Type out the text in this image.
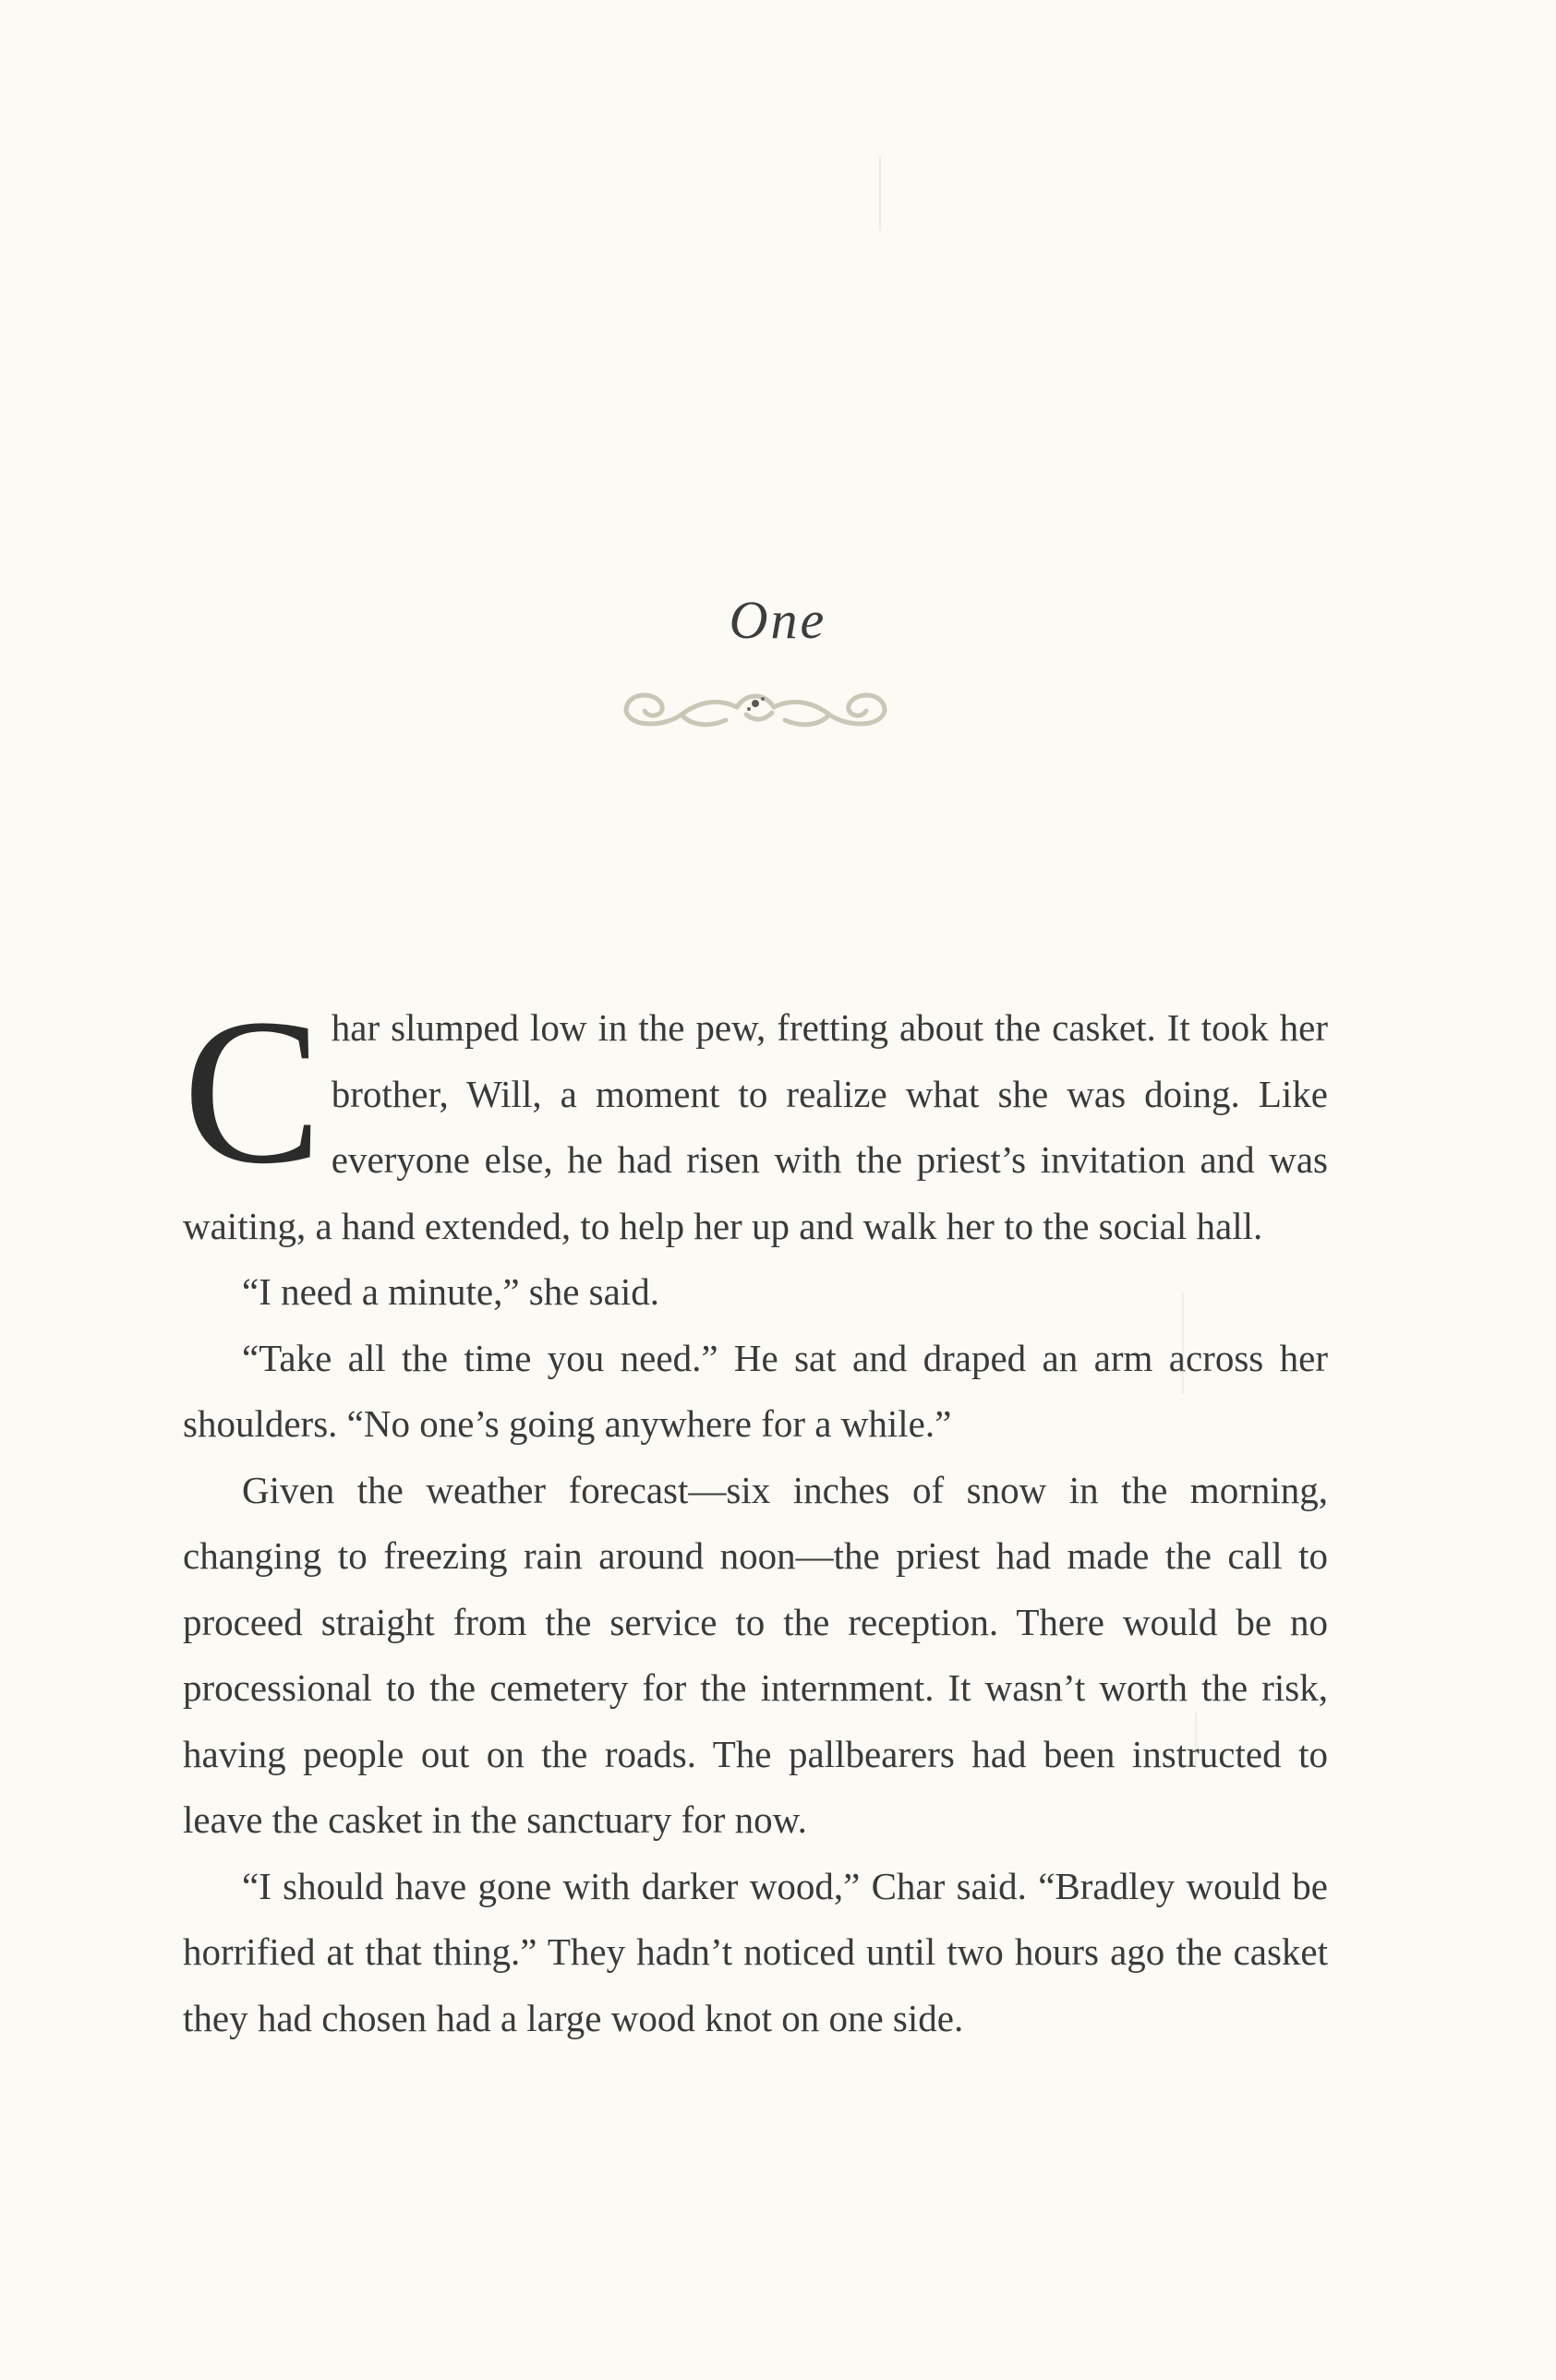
One

Char slumped low in the pew, fretting about the casket. It took her brother, Will, a moment to realize what she was doing. Like everyone else, he had risen with the priest’s invitation and was waiting, a hand extended, to help her up and walk her to the social hall.

“I need a minute,” she said.

“Take all the time you need.” He sat and draped an arm across her shoulders. “No one’s going anywhere for a while.”

Given the weather forecast—six inches of snow in the morning, changing to freezing rain around noon—the priest had made the call to proceed straight from the service to the reception. There would be no processional to the cemetery for the internment. It wasn’t worth the risk, having people out on the roads. The pallbearers had been instructed to leave the casket in the sanctuary for now.

“I should have gone with darker wood,” Char said. “Bradley would be horrified at that thing.” They hadn’t noticed until two hours ago the casket they had chosen had a large wood knot on one side.
